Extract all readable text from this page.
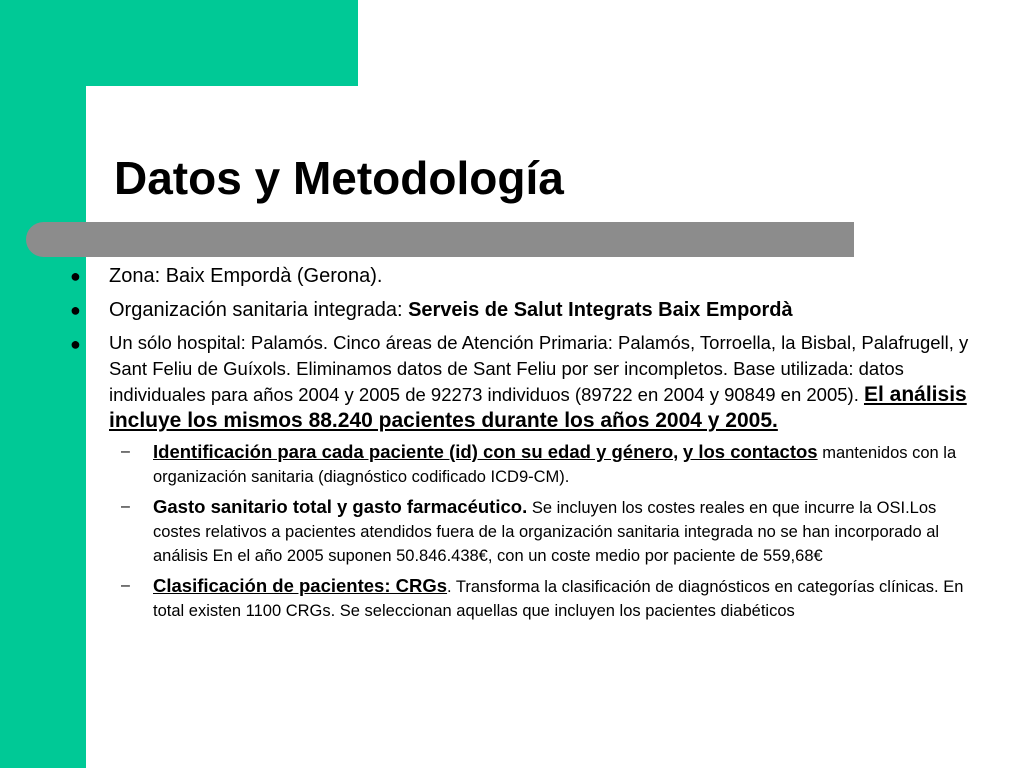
Datos y Metodología
● Zona: Baix Empordà (Gerona).
● Organización sanitaria integrada: Serveis de Salut Integrats Baix Empordà
● Un sólo hospital: Palamós. Cinco áreas de Atención Primaria: Palamós, Torroella, la Bisbal, Palafrugell, y Sant Feliu de Guíxols. Eliminamos datos de Sant Feliu por ser incompletos. Base utilizada: datos individuales para años 2004 y 2005 de 92273 individuos (89722 en 2004 y 90849 en 2005). El análisis incluye los mismos 88.240 pacientes durante los años 2004 y 2005.
– Identificación para cada paciente (id) con su edad y género, y los contactos mantenidos con la organización sanitaria (diagnóstico codificado ICD9-CM).
– Gasto sanitario total y gasto farmacéutico. Se incluyen los costes reales en que incurre la OSI.Los costes relativos a pacientes atendidos fuera de la organización sanitaria integrada no se han incorporado al análisis En el año 2005 suponen 50.846.438€, con un coste medio por paciente de 559,68€
– Clasificación de pacientes: CRGs. Transforma la clasificación de diagnósticos en categorías clínicas. En total existen 1100 CRGs. Se seleccionan aquellas que incluyen los pacientes diabéticos
